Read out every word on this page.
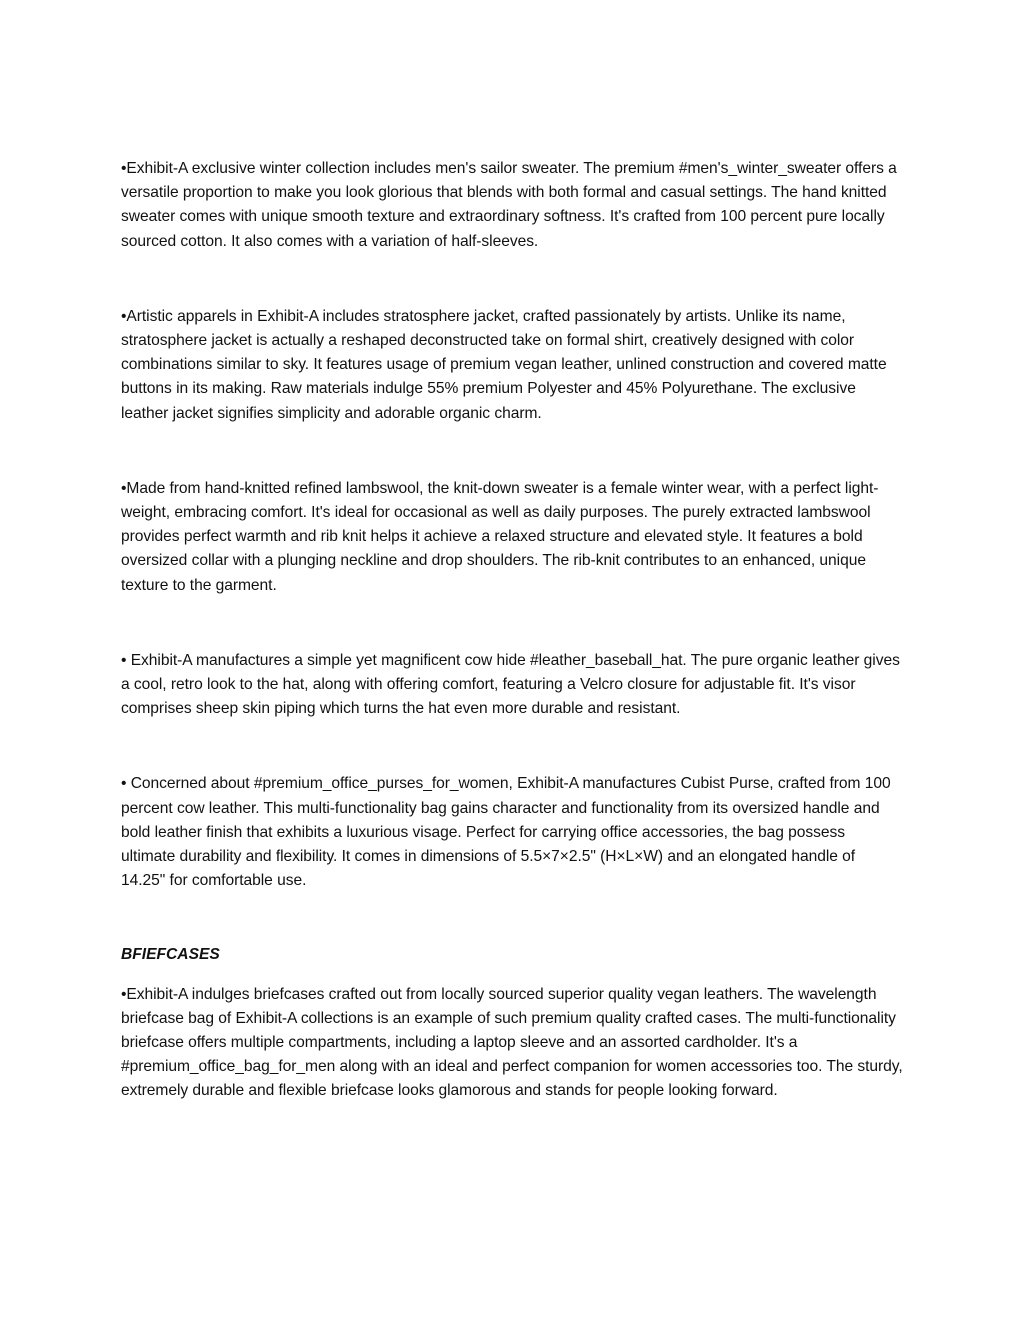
•Exhibit-A exclusive winter collection includes men's sailor sweater. The premium #men's_winter_sweater offers a versatile proportion to make you look glorious that blends with both formal and casual settings. The hand knitted sweater comes with unique smooth texture and extraordinary softness. It's crafted from 100 percent pure locally sourced cotton. It also comes with a variation of half-sleeves.

•Artistic apparels in Exhibit-A includes stratosphere jacket, crafted passionately by artists. Unlike its name, stratosphere jacket is actually a reshaped deconstructed take on formal shirt, creatively designed with color combinations similar to sky. It features usage of premium vegan leather, unlined construction and covered matte buttons in its making. Raw materials indulge 55% premium Polyester and 45% Polyurethane. The exclusive leather jacket signifies simplicity and adorable organic charm.

•Made from hand-knitted refined lambswool, the knit-down sweater is a female winter wear, with a perfect light-weight, embracing comfort. It's ideal for occasional as well as daily purposes. The purely extracted lambswool provides perfect warmth and rib knit helps it achieve a relaxed structure and elevated style. It features a bold oversized collar with a plunging neckline and drop shoulders. The rib-knit contributes to an enhanced, unique texture to the garment.

• Exhibit-A manufactures a simple yet magnificent cow hide #leather_baseball_hat. The pure organic leather gives a cool, retro look to the hat, along with offering comfort, featuring a Velcro closure for adjustable fit. It's visor comprises sheep skin piping which turns the hat even more durable and resistant.

• Concerned about #premium_office_purses_for_women, Exhibit-A manufactures Cubist Purse, crafted from 100 percent cow leather. This multi-functionality bag gains character and functionality from its oversized handle and bold leather finish that exhibits a luxurious visage. Perfect for carrying office accessories, the bag possess ultimate durability and flexibility. It comes in dimensions of 5.5×7×2.5" (H×L×W) and an elongated handle of 14.25" for comfortable use.

BFIEFCASES

•Exhibit-A indulges briefcases crafted out from locally sourced superior quality vegan leathers. The wavelength briefcase bag of Exhibit-A collections is an example of such premium quality crafted cases. The multi-functionality briefcase offers multiple compartments, including a laptop sleeve and an assorted cardholder. It's a #premium_office_bag_for_men along with an ideal and perfect companion for women accessories too. The sturdy, extremely durable and flexible briefcase looks glamorous and stands for people looking forward.
